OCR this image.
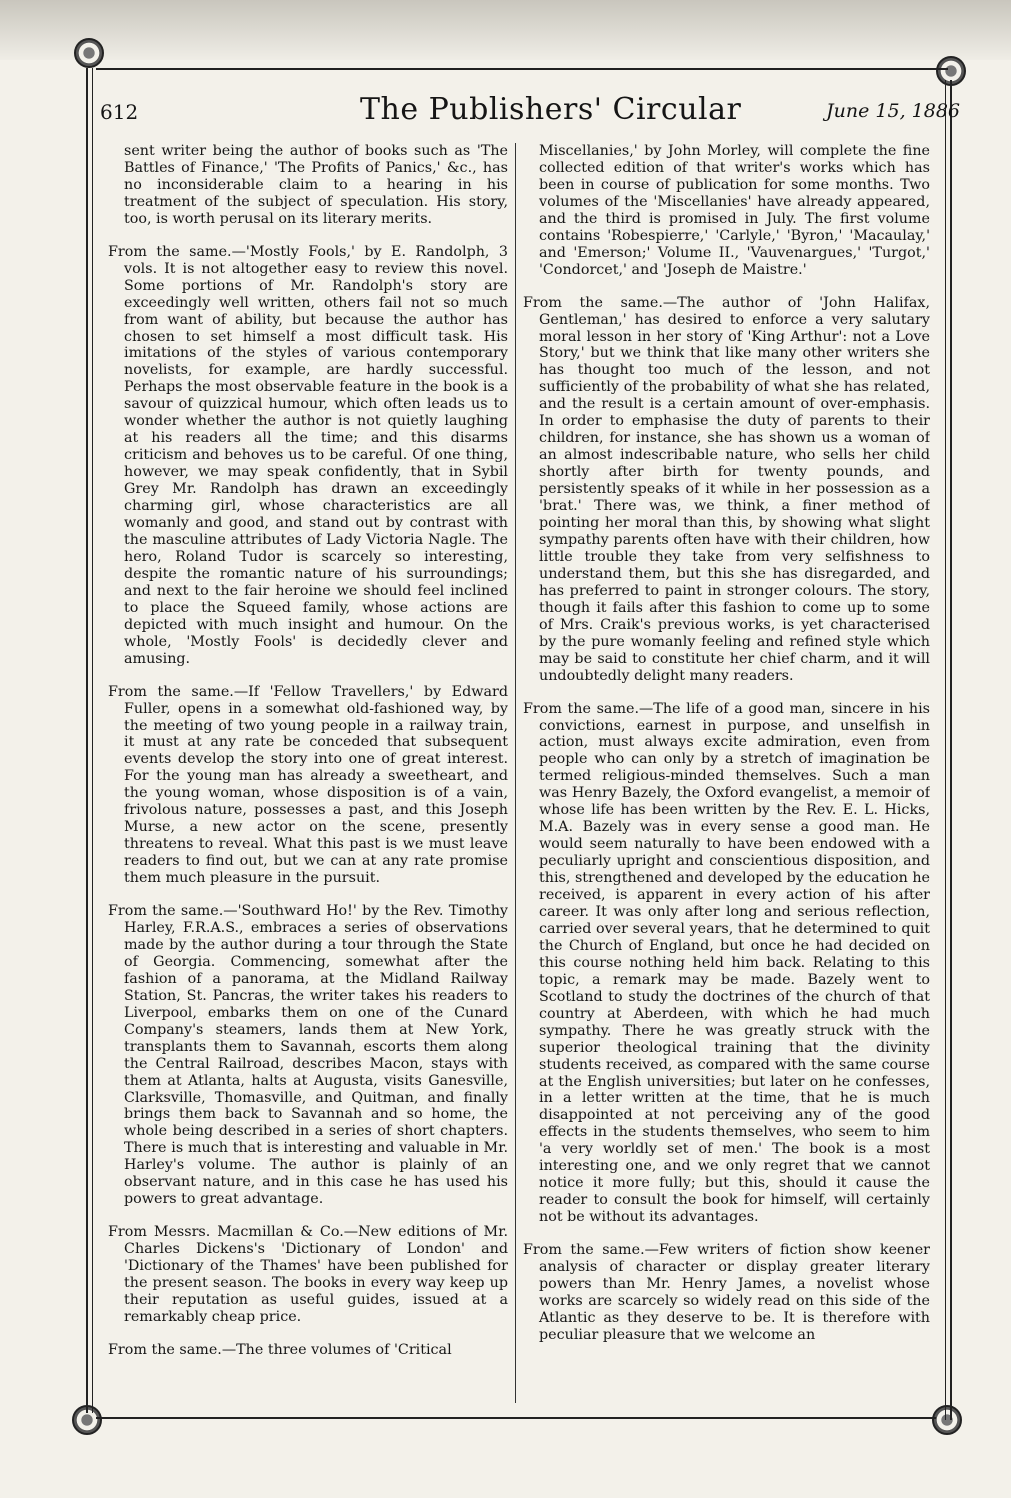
612	The Publishers' Circular	June 15, 1886

sent writer being the author of books such as 'The Battles of Finance,' 'The Profits of Panics,' &c., has no inconsiderable claim to a hearing in his treatment of the subject of speculation. His story, too, is worth perusal on its literary merits.

From the same.—'Mostly Fools,' by E. Randolph, 3 vols. It is not altogether easy to review this novel. Some portions of Mr. Randolph's story are exceedingly well written, others fail not so much from want of ability, but because the author has chosen to set himself a most difficult task. His imitations of the styles of various contemporary novelists, for example, are hardly successful. Perhaps the most observable feature in the book is a savour of quizzical humour, which often leads us to wonder whether the author is not quietly laughing at his readers all the time; and this disarms criticism and behoves us to be careful. Of one thing, however, we may speak confidently, that in Sybil Grey Mr. Randolph has drawn an exceedingly charming girl, whose characteristics are all womanly and good, and stand out by contrast with the masculine attributes of Lady Victoria Nagle. The hero, Roland Tudor is scarcely so interesting, despite the romantic nature of his surroundings; and next to the fair heroine we should feel inclined to place the Squeed family, whose actions are depicted with much insight and humour. On the whole, 'Mostly Fools' is decidedly clever and amusing.

From the same.—If 'Fellow Travellers,' by Edward Fuller, opens in a somewhat old-fashioned way, by the meeting of two young people in a railway train, it must at any rate be conceded that subsequent events develop the story into one of great interest. For the young man has already a sweetheart, and the young woman, whose disposition is of a vain, frivolous nature, possesses a past, and this Joseph Murse, a new actor on the scene, presently threatens to reveal. What this past is we must leave readers to find out, but we can at any rate promise them much pleasure in the pursuit.

From the same.—'Southward Ho!' by the Rev. Timothy Harley, F.R.A.S., embraces a series of observations made by the author during a tour through the State of Georgia. Commencing, somewhat after the fashion of a panorama, at the Midland Railway Station, St. Pancras, the writer takes his readers to Liverpool, embarks them on one of the Cunard Company's steamers, lands them at New York, transplants them to Savannah, escorts them along the Central Railroad, describes Macon, stays with them at Atlanta, halts at Augusta, visits Ganesville, Clarksville, Thomasville, and Quitman, and finally brings them back to Savannah and so home, the whole being described in a series of short chapters. There is much that is interesting and valuable in Mr. Harley's volume. The author is plainly of an observant nature, and in this case he has used his powers to great advantage.

From Messrs. Macmillan & Co.—New editions of Mr. Charles Dickens's 'Dictionary of London' and 'Dictionary of the Thames' have been published for the present season. The books in every way keep up their reputation as useful guides, issued at a remarkably cheap price.

From the same.—The three volumes of 'Critical

Miscellanies,' by John Morley, will complete the fine collected edition of that writer's works which has been in course of publication for some months. Two volumes of the 'Miscellanies' have already appeared, and the third is promised in July. The first volume contains 'Robespierre,' 'Carlyle,' 'Byron,' 'Macaulay,' and 'Emerson;' Volume II., 'Vauvenargues,' 'Turgot,' 'Condorcet,' and 'Joseph de Maistre.'

From the same.—The author of 'John Halifax, Gentleman,' has desired to enforce a very salutary moral lesson in her story of 'King Arthur': not a Love Story,' but we think that like many other writers she has thought too much of the lesson, and not sufficiently of the probability of what she has related, and the result is a certain amount of over-emphasis. In order to emphasise the duty of parents to their children, for instance, she has shown us a woman of an almost indescribable nature, who sells her child shortly after birth for twenty pounds, and persistently speaks of it while in her possession as a 'brat.' There was, we think, a finer method of pointing her moral than this, by showing what slight sympathy parents often have with their children, how little trouble they take from very selfishness to understand them, but this she has disregarded, and has preferred to paint in stronger colours. The story, though it fails after this fashion to come up to some of Mrs. Craik's previous works, is yet characterised by the pure womanly feeling and refined style which may be said to constitute her chief charm, and it will undoubtedly delight many readers.

From the same.—The life of a good man, sincere in his convictions, earnest in purpose, and unselfish in action, must always excite admiration, even from people who can only by a stretch of imagination be termed religious-minded themselves. Such a man was Henry Bazely, the Oxford evangelist, a memoir of whose life has been written by the Rev. E. L. Hicks, M.A. Bazely was in every sense a good man. He would seem naturally to have been endowed with a peculiarly upright and conscientious disposition, and this, strengthened and developed by the education he received, is apparent in every action of his after career. It was only after long and serious reflection, carried over several years, that he determined to quit the Church of England, but once he had decided on this course nothing held him back. Relating to this topic, a remark may be made. Bazely went to Scotland to study the doctrines of the church of that country at Aberdeen, with which he had much sympathy. There he was greatly struck with the superior theological training that the divinity students received, as compared with the same course at the English universities; but later on he confesses, in a letter written at the time, that he is much disappointed at not perceiving any of the good effects in the students themselves, who seem to him 'a very worldly set of men.' The book is a most interesting one, and we only regret that we cannot notice it more fully; but this, should it cause the reader to consult the book for himself, will certainly not be without its advantages.

From the same.—Few writers of fiction show keener analysis of character or display greater literary powers than Mr. Henry James, a novelist whose works are scarcely so widely read on this side of the Atlantic as they deserve to be. It is therefore with peculiar pleasure that we welcome an
